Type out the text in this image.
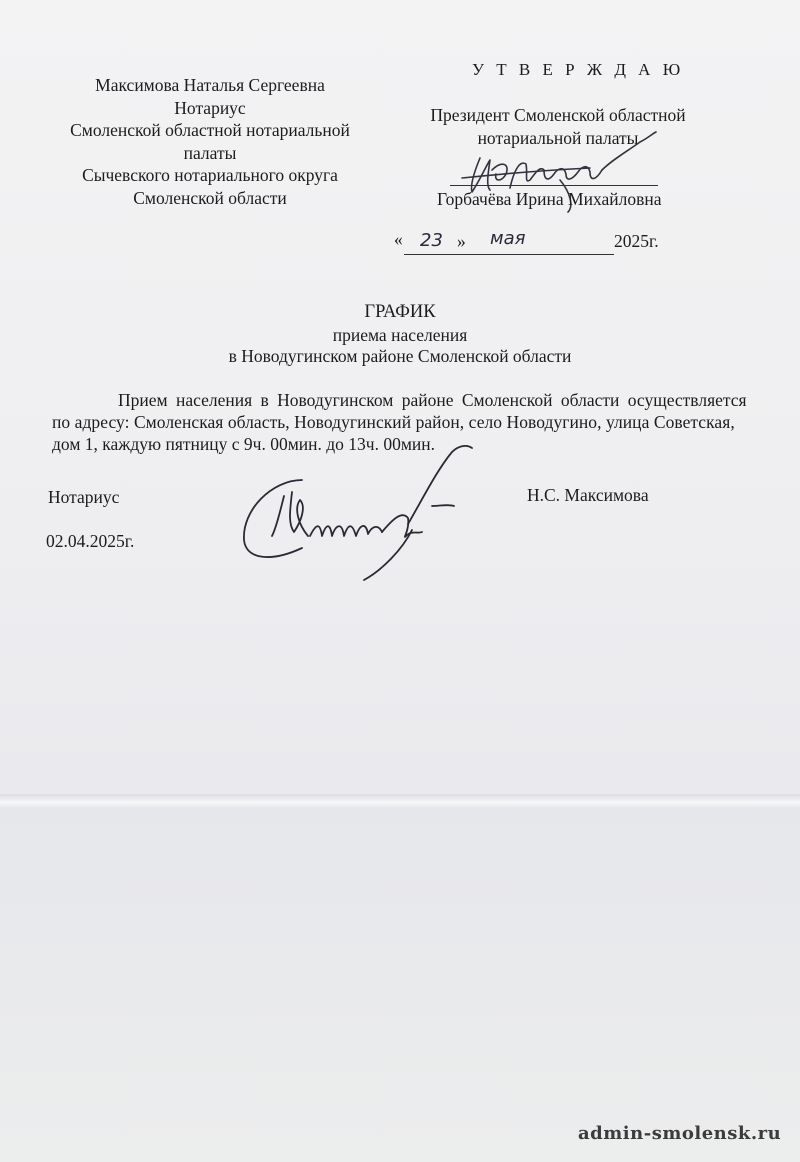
Максимова Наталья Сергеевна
Нотариус
Смоленской областной нотариальной
палаты
Сычевского нотариального округа
Смоленской области
У Т В Е Р Ж Д А Ю
Президент Смоленской областной
нотариальной палаты
Горбачёва Ирина Михайловна
« 23 » мая	2025г.
ГРАФИК
приема населения
в Новодугинском районе Смоленской области
Прием населения в Новодугинском районе Смоленской области осуществляется
по адресу: Смоленская область, Новодугинский район, село Новодугино, улица Советская,
дом 1, каждую пятницу с 9ч. 00мин. до 13ч. 00мин.
Нотариус
02.04.2025г.
Н.С. Максимова
admin-smolensk.ru
